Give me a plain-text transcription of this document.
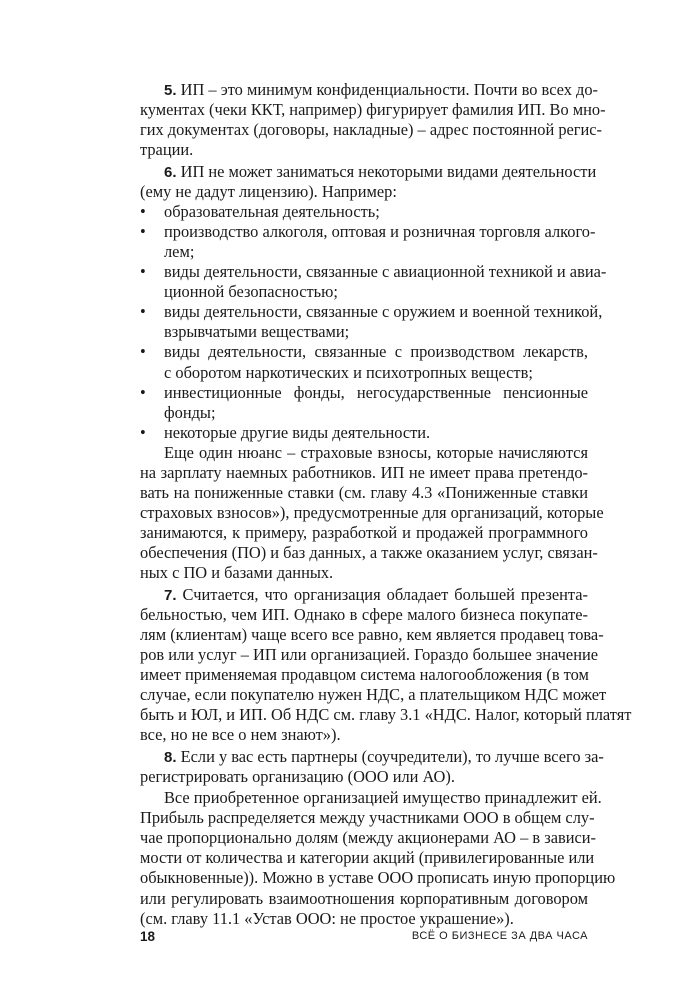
5. ИП – это минимум конфиденциальности. Почти во всех до-
кументах (чеки ККТ, например) фигурирует фамилия ИП. Во мно-
гих документах (договоры, накладные) – адрес постоянной регис-
трации.
6. ИП не может заниматься некоторыми видами деятельности
(ему не дадут лицензию). Например:
• образовательная деятельность;
• производство алкоголя, оптовая и розничная торговля алкого-
лем;
• виды деятельности, связанные с авиационной техникой и авиа-
ционной безопасностью;
• виды деятельности, связанные с оружием и военной техникой,
взрывчатыми веществами;
• виды деятельности, связанные с производством лекарств,
с оборотом наркотических и психотропных веществ;
• инвестиционные фонды, негосударственные пенсионные
фонды;
• некоторые другие виды деятельности.
Еще один нюанс – страховые взносы, которые начисляются
на зарплату наемных работников. ИП не имеет права претендо-
вать на пониженные ставки (см. главу 4.3 «Пониженные ставки
страховых взносов»), предусмотренные для организаций, которые
занимаются, к примеру, разработкой и продажей программного
обеспечения (ПО) и баз данных, а также оказанием услуг, связан-
ных с ПО и базами данных.
7. Считается, что организация обладает большей презента-
бельностью, чем ИП. Однако в сфере малого бизнеса покупате-
лям (клиентам) чаще всего все равно, кем является продавец това-
ров или услуг – ИП или организацией. Гораздо большее значение
имеет применяемая продавцом система налогообложения (в том
случае, если покупателю нужен НДС, а плательщиком НДС может
быть и ЮЛ, и ИП. Об НДС см. главу 3.1 «НДС. Налог, который платят
все, но не все о нем знают»).
8. Если у вас есть партнеры (соучредители), то лучше всего за-
регистрировать организацию (ООО или АО).
Все приобретенное организацией имущество принадлежит ей.
Прибыль распределяется между участниками ООО в общем слу-
чае пропорционально долям (между акционерами АО – в зависи-
мости от количества и категории акций (привилегированные или
обыкновенные)). Можно в уставе ООО прописать иную пропорцию
или регулировать взаимоотношения корпоративным договором
(см. главу 11.1 «Устав ООО: не простое украшение»).
18	ВСЁ О БИЗНЕСЕ ЗА ДВА ЧАСА
